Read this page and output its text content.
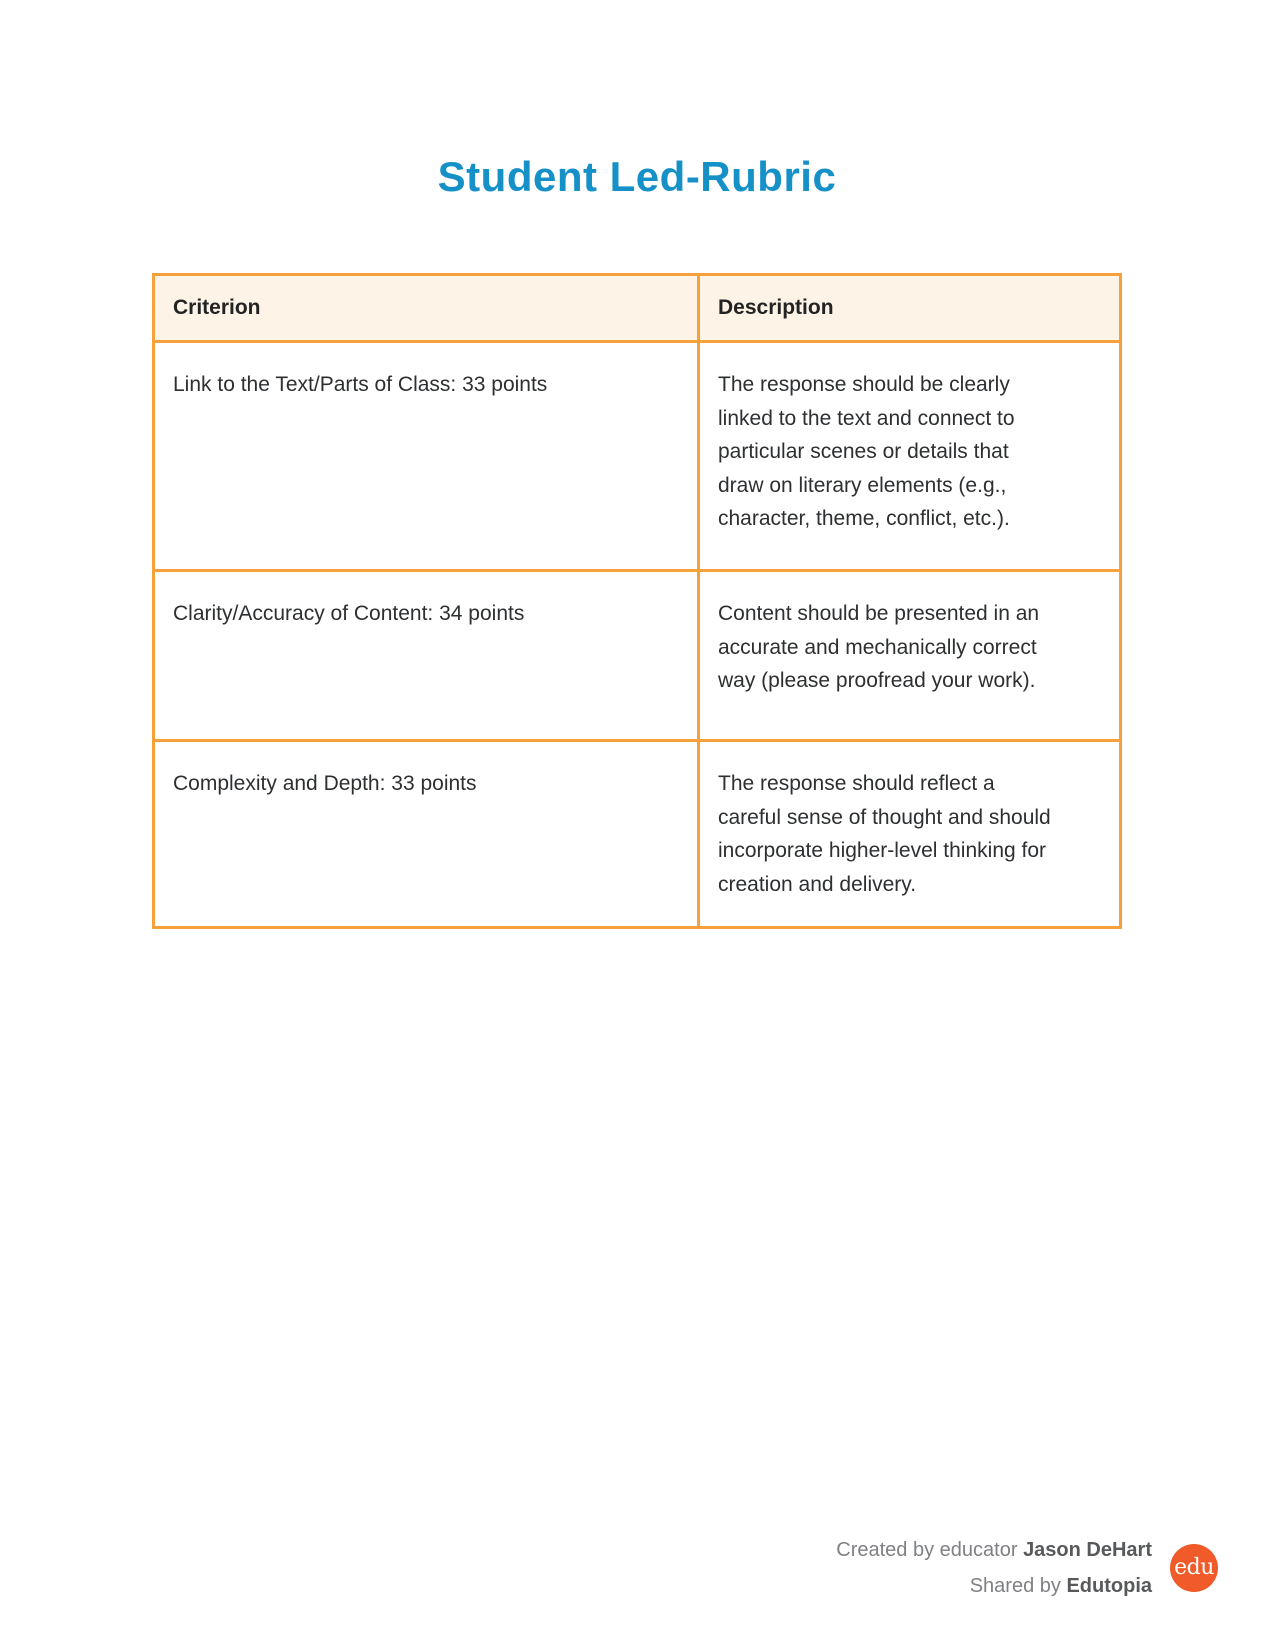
Student Led-Rubric
Criterion	Description
Link to the Text/Parts of Class: 33 points	The response should be clearly linked to the text and connect to particular scenes or details that draw on literary elements (e.g., character, theme, conflict, etc.).
Clarity/Accuracy of Content: 34 points	Content should be presented in an accurate and mechanically correct way (please proofread your work).
Complexity and Depth: 33 points	The response should reflect a careful sense of thought and should incorporate higher-level thinking for creation and delivery.
Created by educator Jason DeHart
Shared by Edutopia
edu
